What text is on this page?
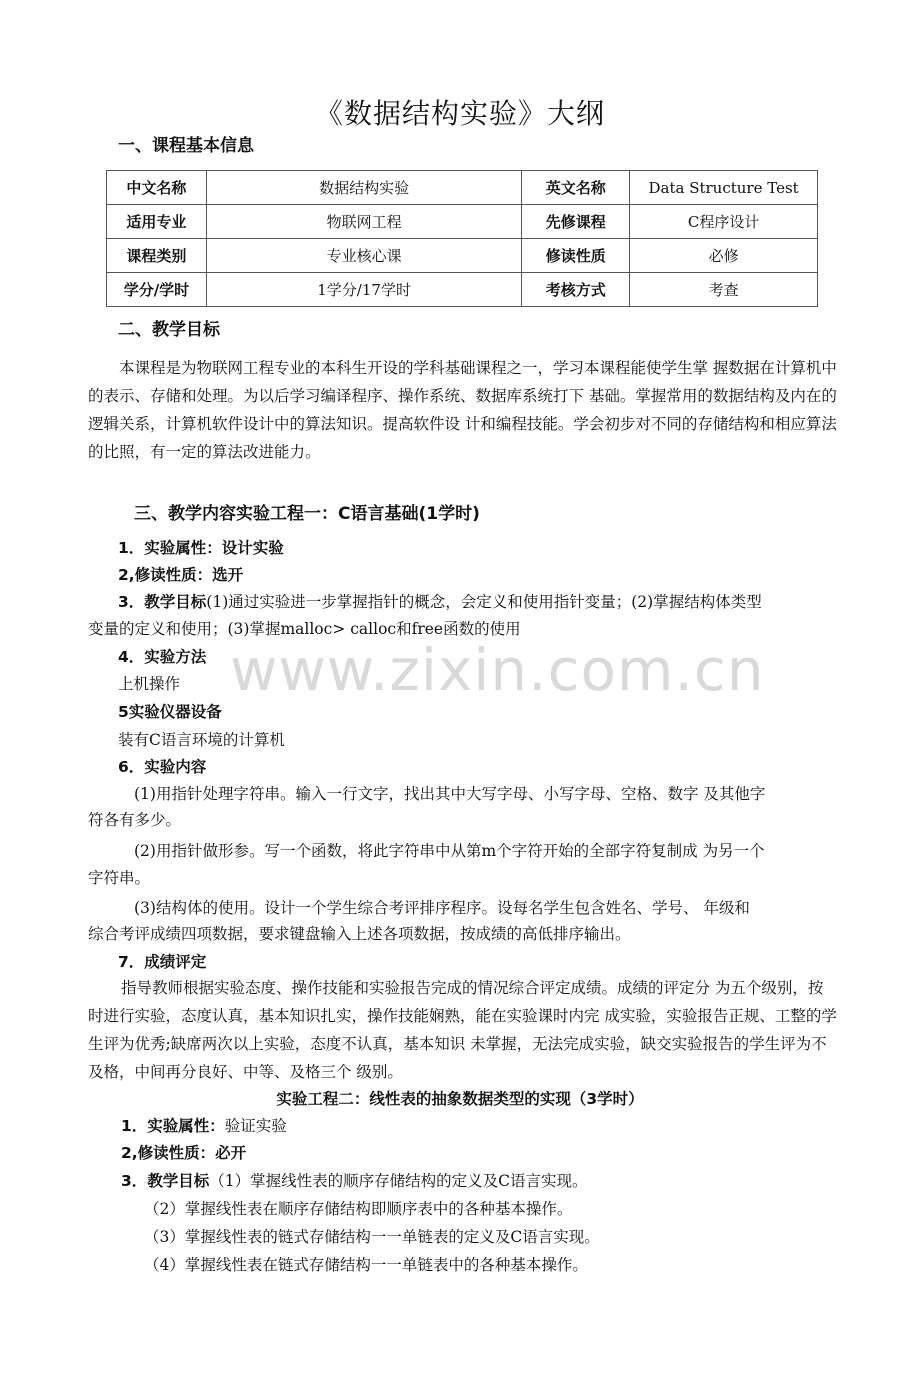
《数据结构实验》大纲
一、课程基本信息
中文名称	数据结构实验	英文名称	Data Structure Test
适用专业	物联网工程	先修课程	C程序设计
课程类别	专业核心课	修读性质	必修
学分/学时	1学分/17学时	考核方式	考查
二、教学目标
本课程是为物联网工程专业的本科生开设的学科基础课程之一，学习本课程能使学生掌 握数据在计算机中的表示、存储和处理。为以后学习编译程序、操作系统、数据库系统打下 基础。掌握常用的数据结构及内在的逻辑关系，计算机软件设计中的算法知识。提高软件设 计和编程技能。学会初步对不同的存储结构和相应算法的比照，有一定的算法改进能力。
三、教学内容实验工程一：C语言基础(1学时)
1．实验属性：设计实验
2,修读性质：选开
3．教学目标(1)通过实验进一步掌握指针的概念，会定义和使用指针变量；(2)掌握结构体类型
变量的定义和使用；(3)掌握malloc> calloc和free函数的使用
4．实验方法
上机操作
5实验仪器设备
装有C语言环境的计算机
6．实验内容
(1)用指针处理字符串。输入一行文字，找出其中大写字母、小写字母、空格、数字 及其他字
符各有多少。
(2)用指针做形参。写一个函数，将此字符串中从第m个字符开始的全部字符复制成 为另一个
字符串。
(3)结构体的使用。设计一个学生综合考评排序程序。设每名学生包含姓名、学号、 年级和
综合考评成绩四项数据，要求键盘输入上述各项数据，按成绩的高低排序输出。
7．成绩评定
指导教师根据实验态度、操作技能和实验报告完成的情况综合评定成绩。成绩的评定分 为五个级别，按时进行实验，态度认真，基本知识扎实，操作技能娴熟，能在实验课时内完 成实验，实验报告正规、工整的学生评为优秀;缺席两次以上实验，态度不认真，基本知识 未掌握，无法完成实验，缺交实验报告的学生评为不及格，中间再分良好、中等、及格三个 级别。
实验工程二：线性表的抽象数据类型的实现（3学时）
1．实验属性：验证实验
2,修读性质：必开
3．教学目标（1）掌握线性表的顺序存储结构的定义及C语言实现。
（2）掌握线性表在顺序存储结构即顺序表中的各种基本操作。
（3）掌握线性表的链式存储结构一一单链表的定义及C语言实现。
（4）掌握线性表在链式存储结构一一单链表中的各种基本操作。
www.zixin.com.cn
